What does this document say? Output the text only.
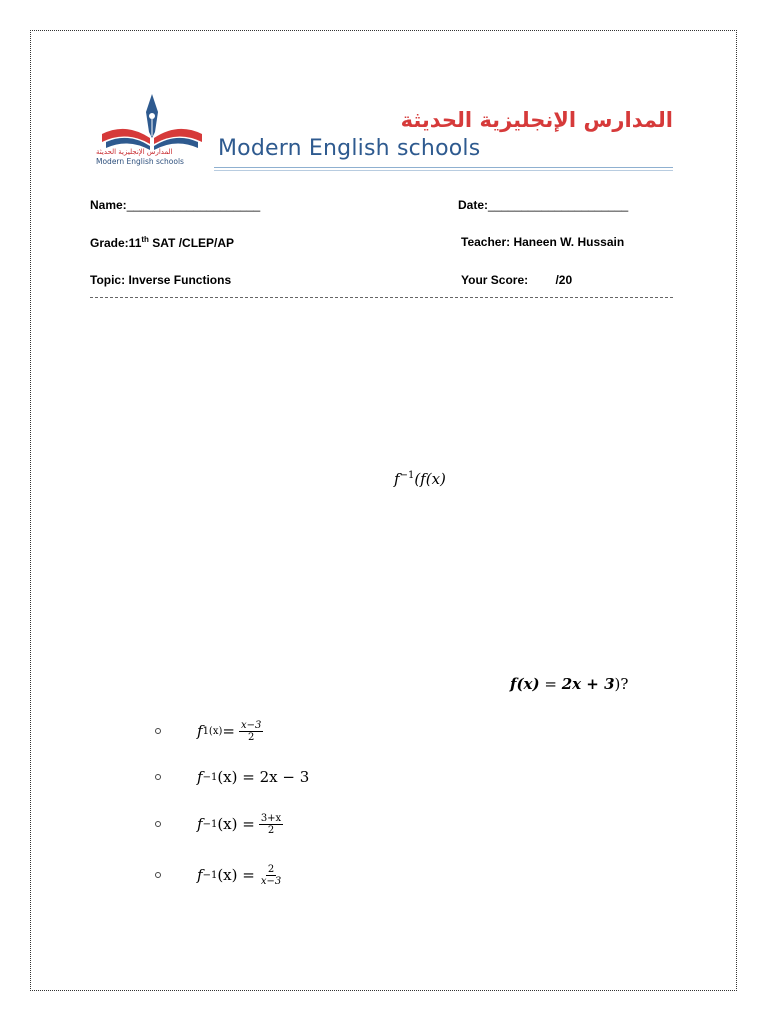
المدارس الإنجليزية الحديثة
Modern English schools
المدارس الإنجليزية الحديثة
Modern English schools
Name:____________________	Date:_____________________
Grade:11th SAT /CLEP/AP	Teacher: Haneen W. Hussain
Topic: Inverse Functions	Your Score: /20
$f^{-1}(f(x)$
f(x) = 2x + 3)?
f $1(x) = \frac{x-3}{2}$
f −1 (x) = 2x − 3
f −1 $(x) = \frac{3+x}{2}$
f −1 $(x) = \frac{2}{x-3}$
